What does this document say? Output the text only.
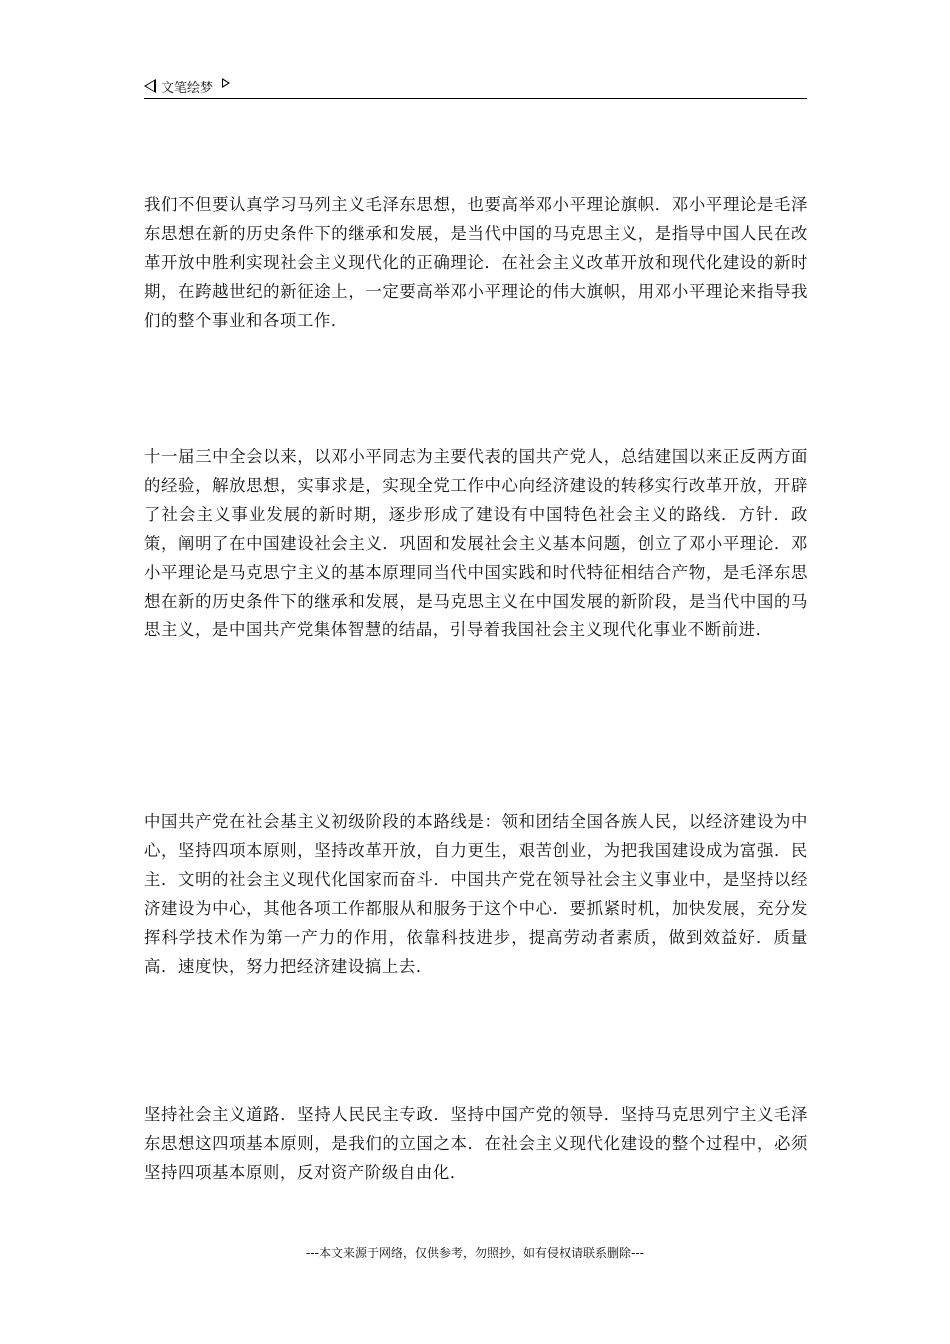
文笔绘梦

我们不但要认真学习马列主义毛泽东思想，也要高举邓小平理论旗帜．邓小平理论是毛泽东思想在新的历史条件下的继承和发展，是当代中国的马克思主义，是指导中国人民在改革开放中胜利实现社会主义现代化的正确理论．在社会主义改革开放和现代化建设的新时期，在跨越世纪的新征途上，一定要高举邓小平理论的伟大旗帜，用邓小平理论来指导我们的整个事业和各项工作．

十一届三中全会以来，以邓小平同志为主要代表的国共产党人，总结建国以来正反两方面的经验，解放思想，实事求是，实现全党工作中心向经济建设的转移实行改革开放，开辟了社会主义事业发展的新时期，逐步形成了建设有中国特色社会主义的路线．方针．政策，阐明了在中国建设社会主义．巩固和发展社会主义基本问题，创立了邓小平理论．邓小平理论是马克思宁主义的基本原理同当代中国实践和时代特征相结合产物，是毛泽东思想在新的历史条件下的继承和发展，是马克思主义在中国发展的新阶段，是当代中国的马思主义，是中国共产党集体智慧的结晶，引导着我国社会主义现代化事业不断前进．

中国共产党在社会基主义初级阶段的本路线是：领和团结全国各族人民，以经济建设为中心，坚持四项本原则，坚持改革开放，自力更生，艰苦创业，为把我国建设成为富强．民主．文明的社会主义现代化国家而奋斗．中国共产党在领导社会主义事业中，是坚持以经济建设为中心，其他各项工作都服从和服务于这个中心．要抓紧时机，加快发展，充分发挥科学技术作为第一产力的作用，依靠科技进步，提高劳动者素质，做到效益好．质量高．速度快，努力把经济建设搞上去．

坚持社会主义道路．坚持人民民主专政．坚持中国产党的领导．坚持马克思列宁主义毛泽东思想这四项基本原则，是我们的立国之本．在社会主义现代化建设的整个过程中，必须坚持四项基本原则，反对资产阶级自由化．

---本文来源于网络，仅供参考，勿照抄，如有侵权请联系删除---
